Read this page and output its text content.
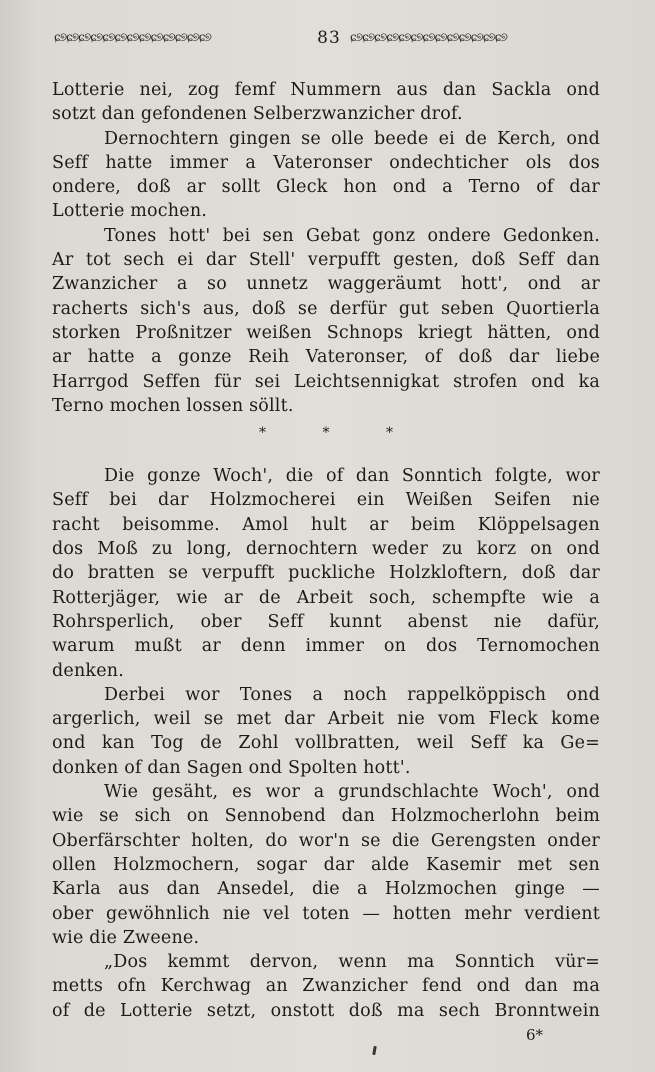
ɕ୭ɕ୭ɕ୭ɕ୭ɕ୭ɕ୭ɕ୭ɕ୭ɕ୭ɕ୭ɕ୭ɕ୭ɕ୭	83 ɕ୭ɕ୭ɕ୭ɕ୭ɕ୭ɕ୭ɕ୭ɕ୭ɕ୭ɕ୭ɕ୭ɕ୭ɕ୭
Lotterie nei, zog femf Nummern aus dan Sackla ond
sotzt dan gefondenen Selberzwanzicher drof.
Dernochtern gingen se olle beede ei de Kerch, ond
Seff hatte immer a Vateronser ondechticher ols dos
ondere, doß ar sollt Gleck hon ond a Terno of dar
Lotterie mochen.
Tones hott' bei sen Gebat gonz ondere Gedonken.
Ar tot sech ei dar Stell' verpufft gesten, doß Seff dan
Zwanzicher a so unnetz waggeräumt hott', ond ar
racherts sich's aus, doß se derfür gut seben Quortierla
storken Proßnitzer weißen Schnops kriegt hätten, ond
ar hatte a gonze Reih Vateronser, of doß dar liebe
Harrgod Seffen für sei Leichtsennigkat strofen ond ka
Terno mochen lossen söllt.
* * *
Die gonze Woch', die of dan Sonntich folgte, wor
Seff bei dar Holzmocherei ein Weißen Seifen nie
racht beisomme. Amol hult ar beim Klöppelsagen
dos Moß zu long, dernochtern weder zu korz on ond
do bratten se verpufft puckliche Holzkloftern, doß dar
Rotterjäger, wie ar de Arbeit soch, schempfte wie a
Rohrsperlich, ober Seff kunnt abenst nie dafür,
warum mußt ar denn immer on dos Ternomochen
denken.
Derbei wor Tones a noch rappelköppisch ond
argerlich, weil se met dar Arbeit nie vom Fleck kome
ond kan Tog de Zohl vollbratten, weil Seff ka Ge=
donken of dan Sagen ond Spolten hott'.
Wie gesäht, es wor a grundschlachte Woch', ond
wie se sich on Sennobend dan Holzmocherlohn beim
Oberfärschter holten, do wor'n se die Gerengsten onder
ollen Holzmochern, sogar dar alde Kasemir met sen
Karla aus dan Ansedel, die a Holzmochen ginge —
ober gewöhnlich nie vel toten — hotten mehr verdient
wie die Zweene.
„Dos kemmt dervon, wenn ma Sonntich vür=
metts ofn Kerchwag an Zwanzicher fend ond dan ma
of de Lotterie setzt, onstott doß ma sech Bronntwein
6*
